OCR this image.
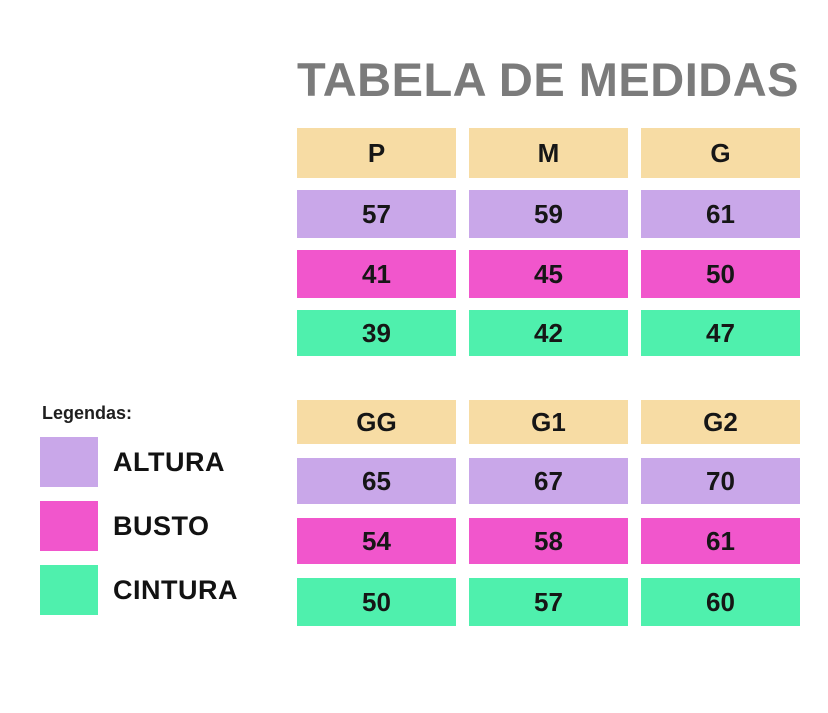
TABELA DE MEDIDAS
P	M	G
57	59	61
41	45	50
39	42	47
GG	G1	G2
65	67	70
54	58	61
50	57	60
Legendas:
ALTURA
BUSTO
CINTURA
